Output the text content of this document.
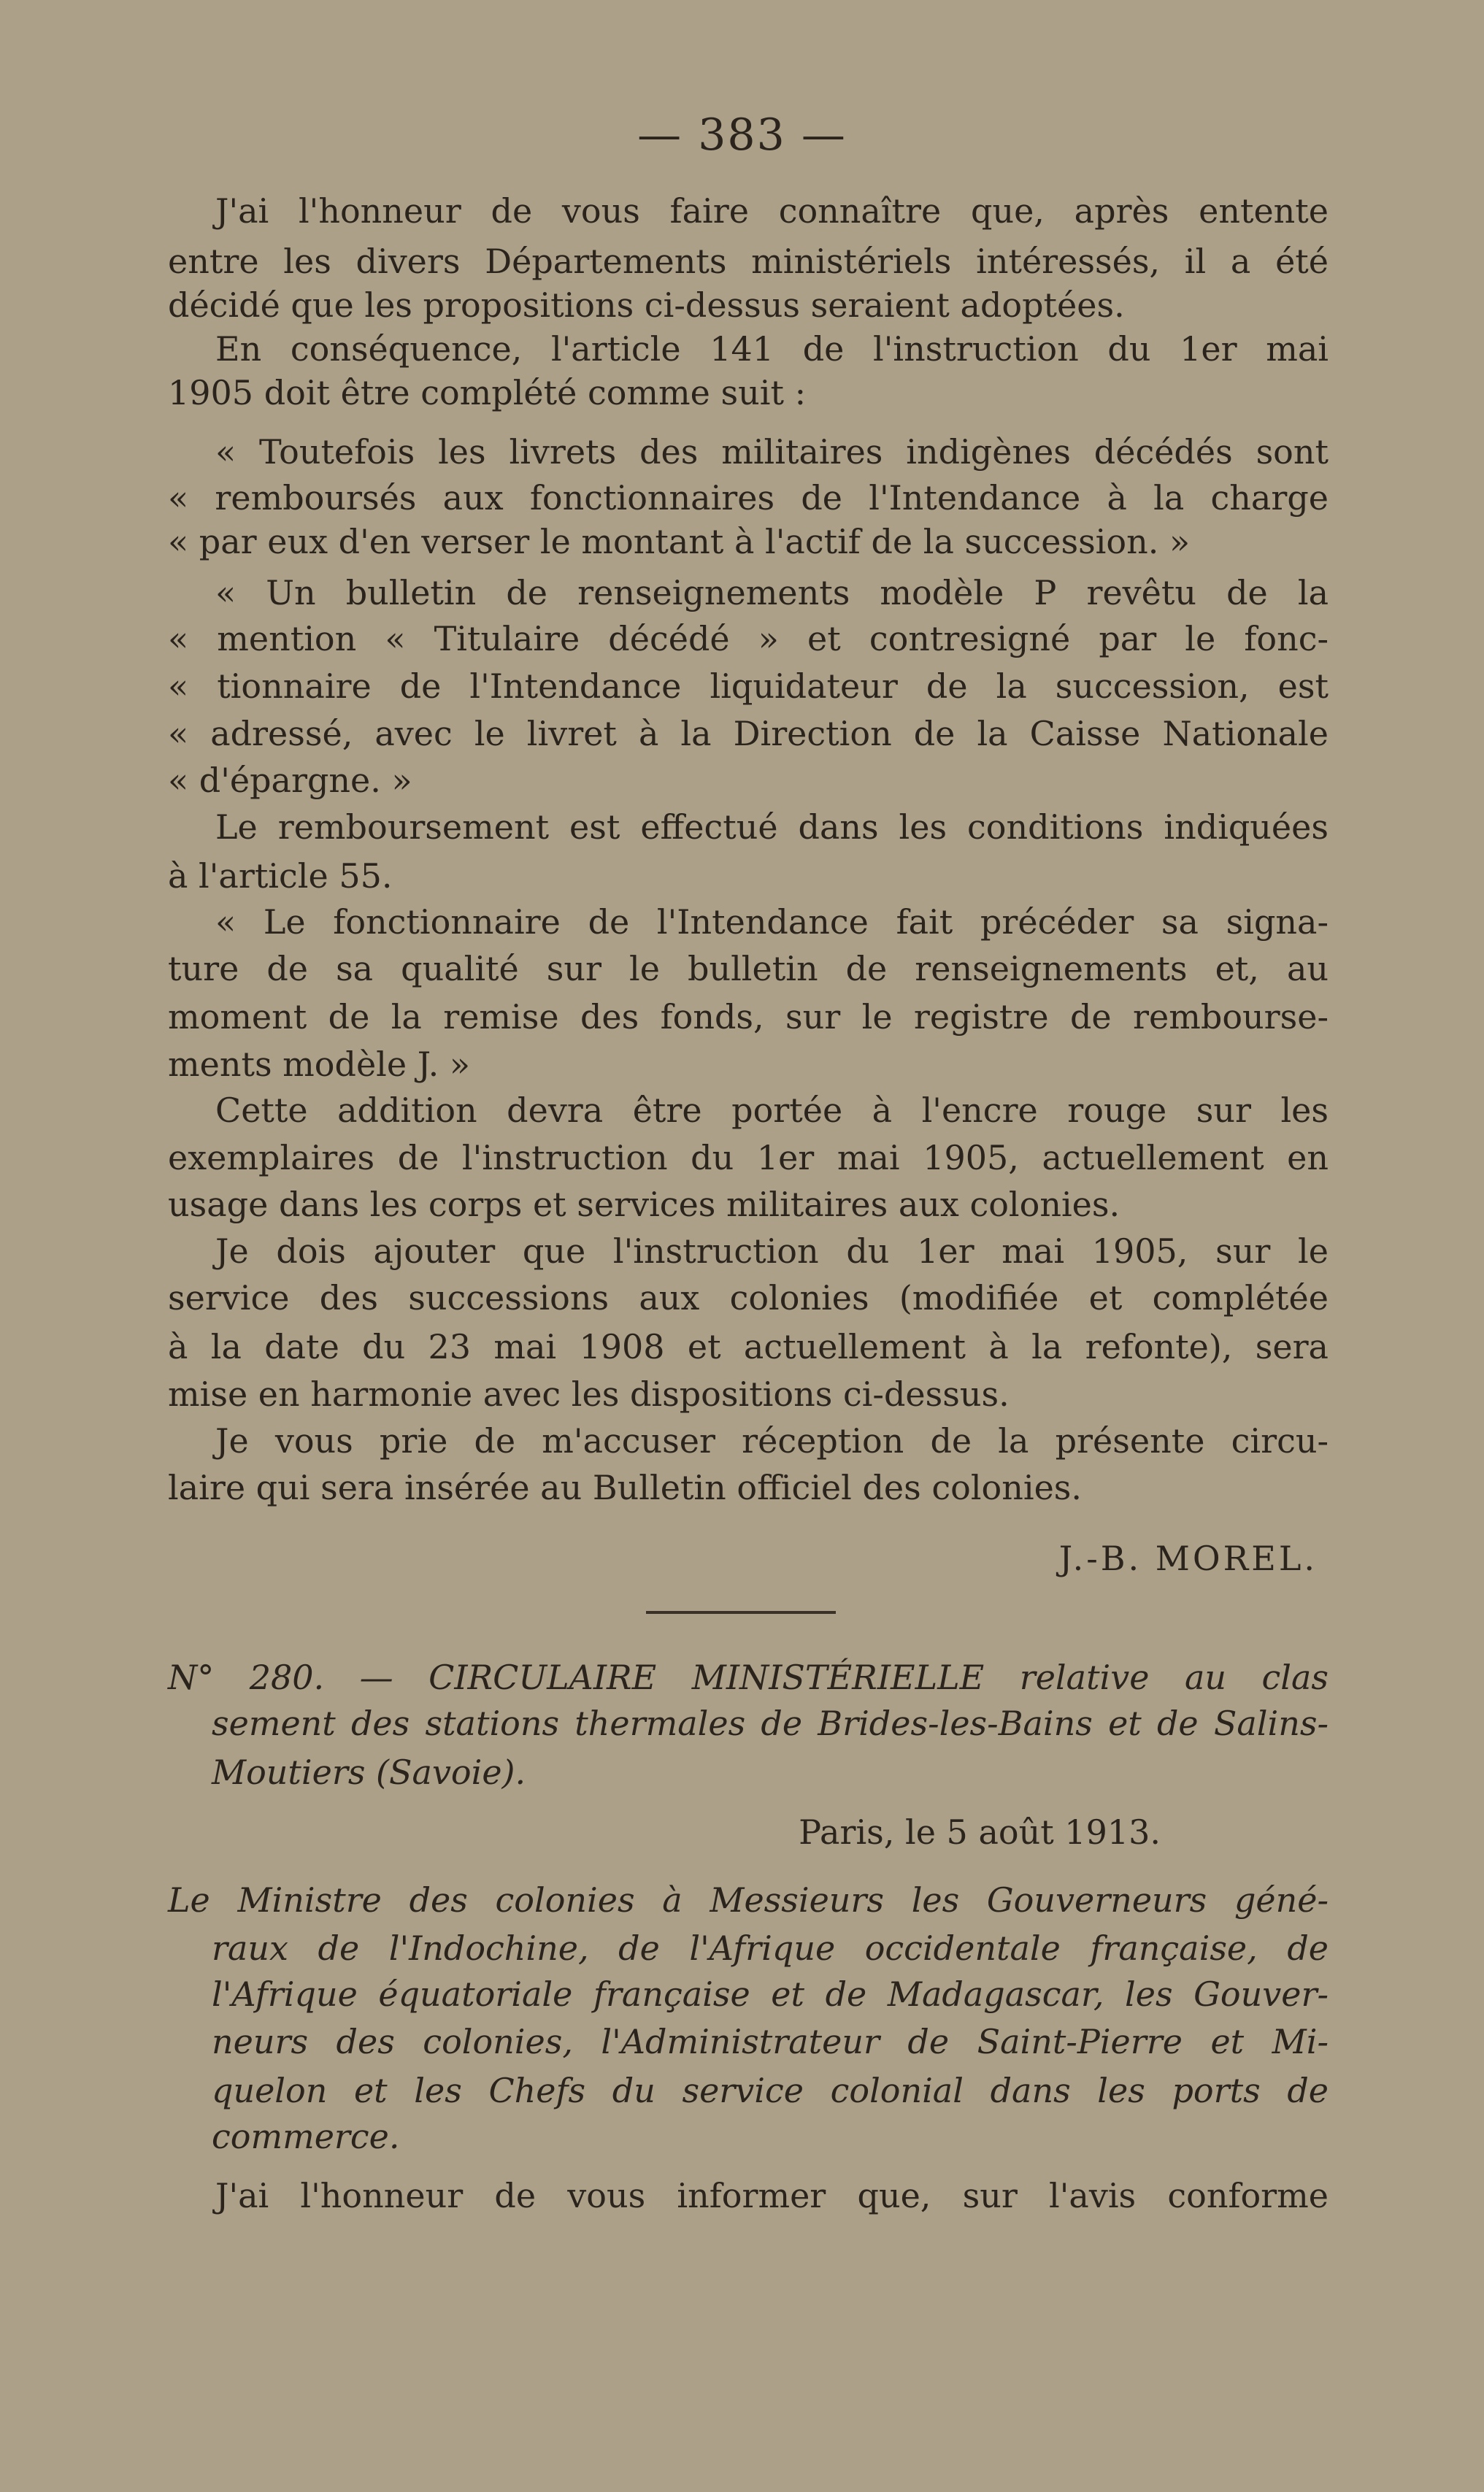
— 383 —
J'ai l'honneur de vous faire connaître que, après entente
entre les divers Départements ministériels intéressés, il a été
décidé que les propositions ci-dessus seraient adoptées.
En conséquence, l'article 141 de l'instruction du 1er mai
1905 doit être complété comme suit :
« Toutefois les livrets des militaires indigènes décédés sont
« remboursés aux fonctionnaires de l'Intendance à la charge
« par eux d'en verser le montant à l'actif de la succession. »
« Un bulletin de renseignements modèle P revêtu de la
« mention « Titulaire décédé » et contresigné par le fonc-
« tionnaire de l'Intendance liquidateur de la succession, est
« adressé, avec le livret à la Direction de la Caisse Nationale
« d'épargne. »
Le remboursement est effectué dans les conditions indiquées
à l'article 55.
« Le fonctionnaire de l'Intendance fait précéder sa signa-
ture de sa qualité sur le bulletin de renseignements et, au
moment de la remise des fonds, sur le registre de rembourse-
ments modèle J. »
Cette addition devra être portée à l'encre rouge sur les
exemplaires de l'instruction du 1er mai 1905, actuellement en
usage dans les corps et services militaires aux colonies.
Je dois ajouter que l'instruction du 1er mai 1905, sur le
service des successions aux colonies (modifiée et complétée
à la date du 23 mai 1908 et actuellement à la refonte), sera
mise en harmonie avec les dispositions ci-dessus.
Je vous prie de m'accuser réception de la présente circu-
laire qui sera insérée au Bulletin officiel des colonies.
J.-B. MOREL.
N° 280. — CIRCULAIRE MINISTÉRIELLE relative au clas
sement des stations thermales de Brides-les-Bains et de Salins-
Moutiers (Savoie).
Paris, le 5 août 1913.
Le Ministre des colonies à Messieurs les Gouverneurs géné-
raux de l'Indochine, de l'Afrique occidentale française, de
l'Afrique équatoriale française et de Madagascar, les Gouver-
neurs des colonies, l'Administrateur de Saint-Pierre et Mi-
quelon et les Chefs du service colonial dans les ports de
commerce.
J'ai l'honneur de vous informer que, sur l'avis conforme
